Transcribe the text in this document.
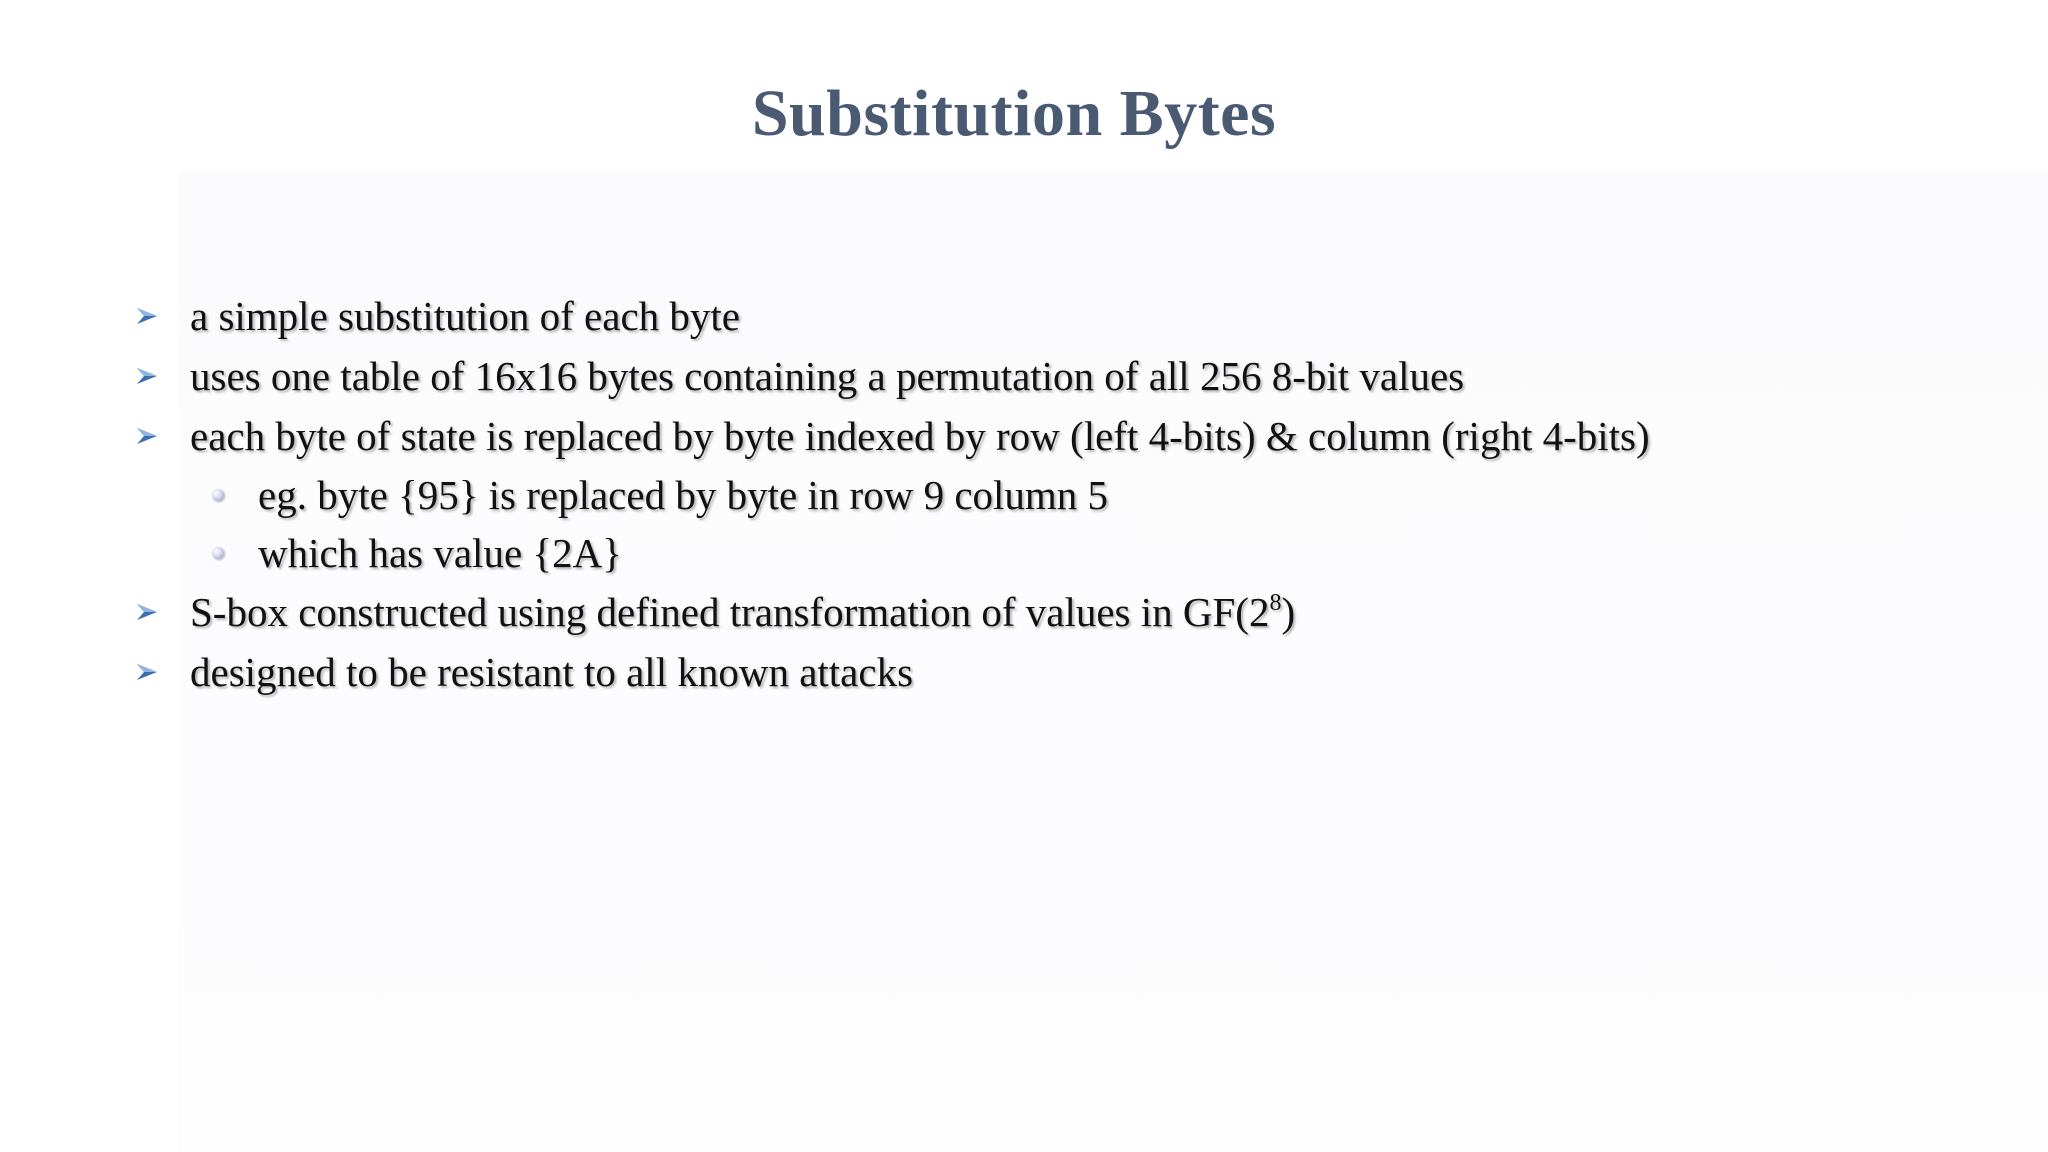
Substitution Bytes
a simple substitution of each byte
uses one table of 16x16 bytes containing a permutation of all 256 8-bit values
each byte of state is replaced by byte indexed by row (left 4-bits) & column (right 4-bits)
eg. byte {95} is replaced by byte in row 9 column 5
which has value {2A}
S-box constructed using defined transformation of values in $GF(2^8)$
designed to be resistant to all known attacks
